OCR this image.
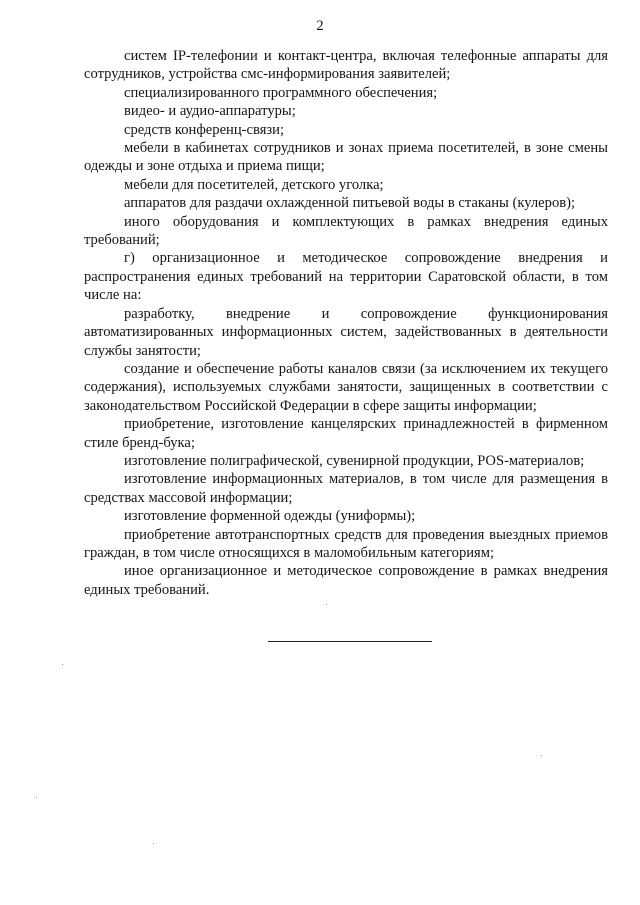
2

систем IP-телефонии и контакт-центра, включая телефонные аппараты для сотрудников, устройства смс-информирования заявителей;

специализированного программного обеспечения;

видео- и аудио-аппаратуры;

средств конференц-связи;

мебели в кабинетах сотрудников и зонах приема посетителей, в зоне смены одежды и зоне отдыха и приема пищи;

мебели для посетителей, детского уголка;

аппаратов для раздачи охлажденной питьевой воды в стаканы (кулеров);

иного оборудования и комплектующих в рамках внедрения единых требований;

г) организационное и методическое сопровождение внедрения и распространения единых требований на территории Саратовской области, в том числе на:

разработку, внедрение и сопровождение функционирования автоматизированных информационных систем, задействованных в деятельности службы занятости;

создание и обеспечение работы каналов связи (за исключением их текущего содержания), используемых службами занятости, защищенных в соответствии с законодательством Российской Федерации в сфере защиты информации;

приобретение, изготовление канцелярских принадлежностей в фирменном стиле бренд-бука;

изготовление полиграфической, сувенирной продукции, POS-материалов;

изготовление информационных материалов, в том числе для размещения в средствах массовой информации;

изготовление форменной одежды (униформы);

приобретение автотранспортных средств для проведения выездных приемов граждан, в том числе относящихся в маломобильным категориям;

иное организационное и методическое сопровождение в рамках внедрения единых требований.
